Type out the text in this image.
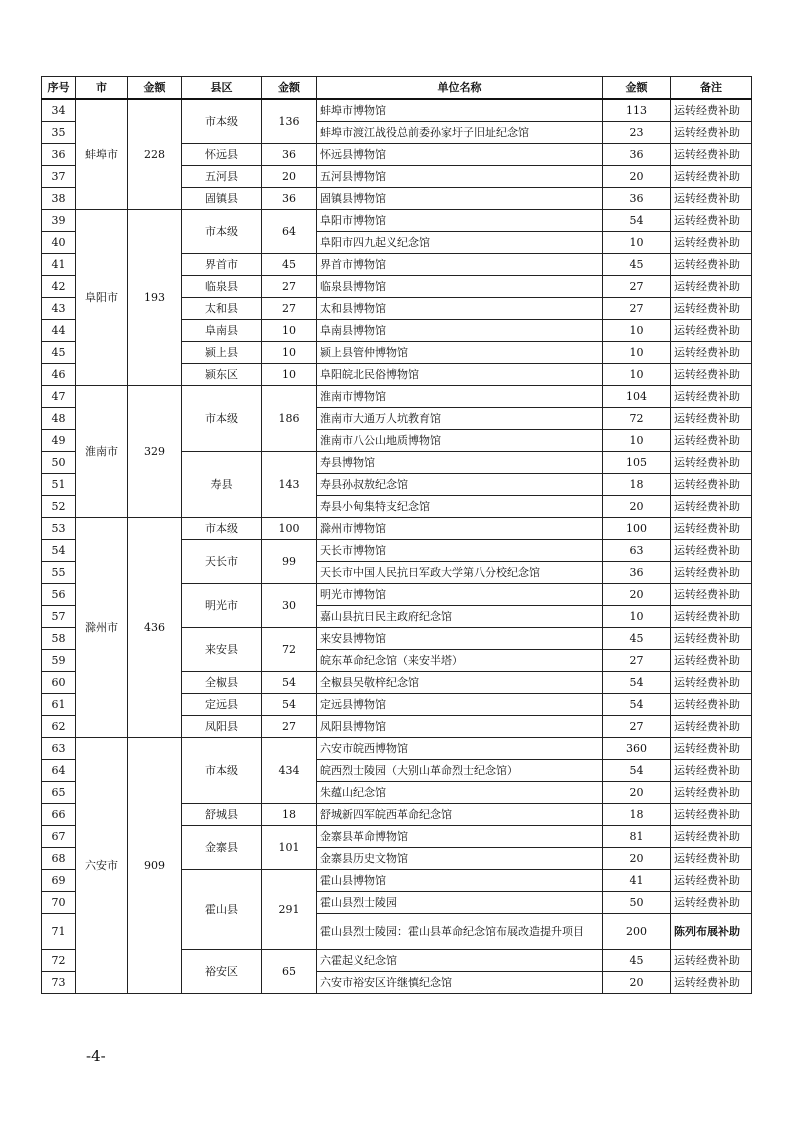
序号	市	金额	县区	金额	单位名称	金额	备注
34	蚌埠市	228	市本级	136	蚌埠市博物馆	113	运转经费补助
35					蚌埠市渡江战役总前委孙家圩子旧址纪念馆	23	运转经费补助
36			怀远县	36	怀远县博物馆	36	运转经费补助
37			五河县	20	五河县博物馆	20	运转经费补助
38			固镇县	36	固镇县博物馆	36	运转经费补助
39	阜阳市	193	市本级	64	阜阳市博物馆	54	运转经费补助
40					阜阳市四九起义纪念馆	10	运转经费补助
41			界首市	45	界首市博物馆	45	运转经费补助
42			临泉县	27	临泉县博物馆	27	运转经费补助
43			太和县	27	太和县博物馆	27	运转经费补助
44			阜南县	10	阜南县博物馆	10	运转经费补助
45			颍上县	10	颍上县管仲博物馆	10	运转经费补助
46			颍东区	10	阜阳皖北民俗博物馆	10	运转经费补助
47	淮南市	329	市本级	186	淮南市博物馆	104	运转经费补助
48					淮南市大通万人坑教育馆	72	运转经费补助
49					淮南市八公山地质博物馆	10	运转经费补助
50			寿县	143	寿县博物馆	105	运转经费补助
51					寿县孙叔敖纪念馆	18	运转经费补助
52					寿县小甸集特支纪念馆	20	运转经费补助
53	滁州市	436	市本级	100	滁州市博物馆	100	运转经费补助
54			天长市	99	天长市博物馆	63	运转经费补助
55					天长市中国人民抗日军政大学第八分校纪念馆	36	运转经费补助
56			明光市	30	明光市博物馆	20	运转经费补助
57					嘉山县抗日民主政府纪念馆	10	运转经费补助
58			来安县	72	来安县博物馆	45	运转经费补助
59					皖东革命纪念馆（来安半塔）	27	运转经费补助
60			全椒县	54	全椒县吴敬梓纪念馆	54	运转经费补助
61			定远县	54	定远县博物馆	54	运转经费补助
62			凤阳县	27	凤阳县博物馆	27	运转经费补助
63	六安市	909	市本级	434	六安市皖西博物馆	360	运转经费补助
64					皖西烈士陵园（大别山革命烈士纪念馆）	54	运转经费补助
65					朱蕴山纪念馆	20	运转经费补助
66			舒城县	18	舒城新四军皖西革命纪念馆	18	运转经费补助
67			金寨县	101	金寨县革命博物馆	81	运转经费补助
68					金寨县历史文物馆	20	运转经费补助
69			霍山县	291	霍山县博物馆	41	运转经费补助
70					霍山县烈士陵园	50	运转经费补助
71					霍山县烈士陵园：霍山县革命纪念馆布展改造提升项目	200	陈列布展补助
72			裕安区	65	六霍起义纪念馆	45	运转经费补助
73					六安市裕安区许继慎纪念馆	20	运转经费补助
-4-
